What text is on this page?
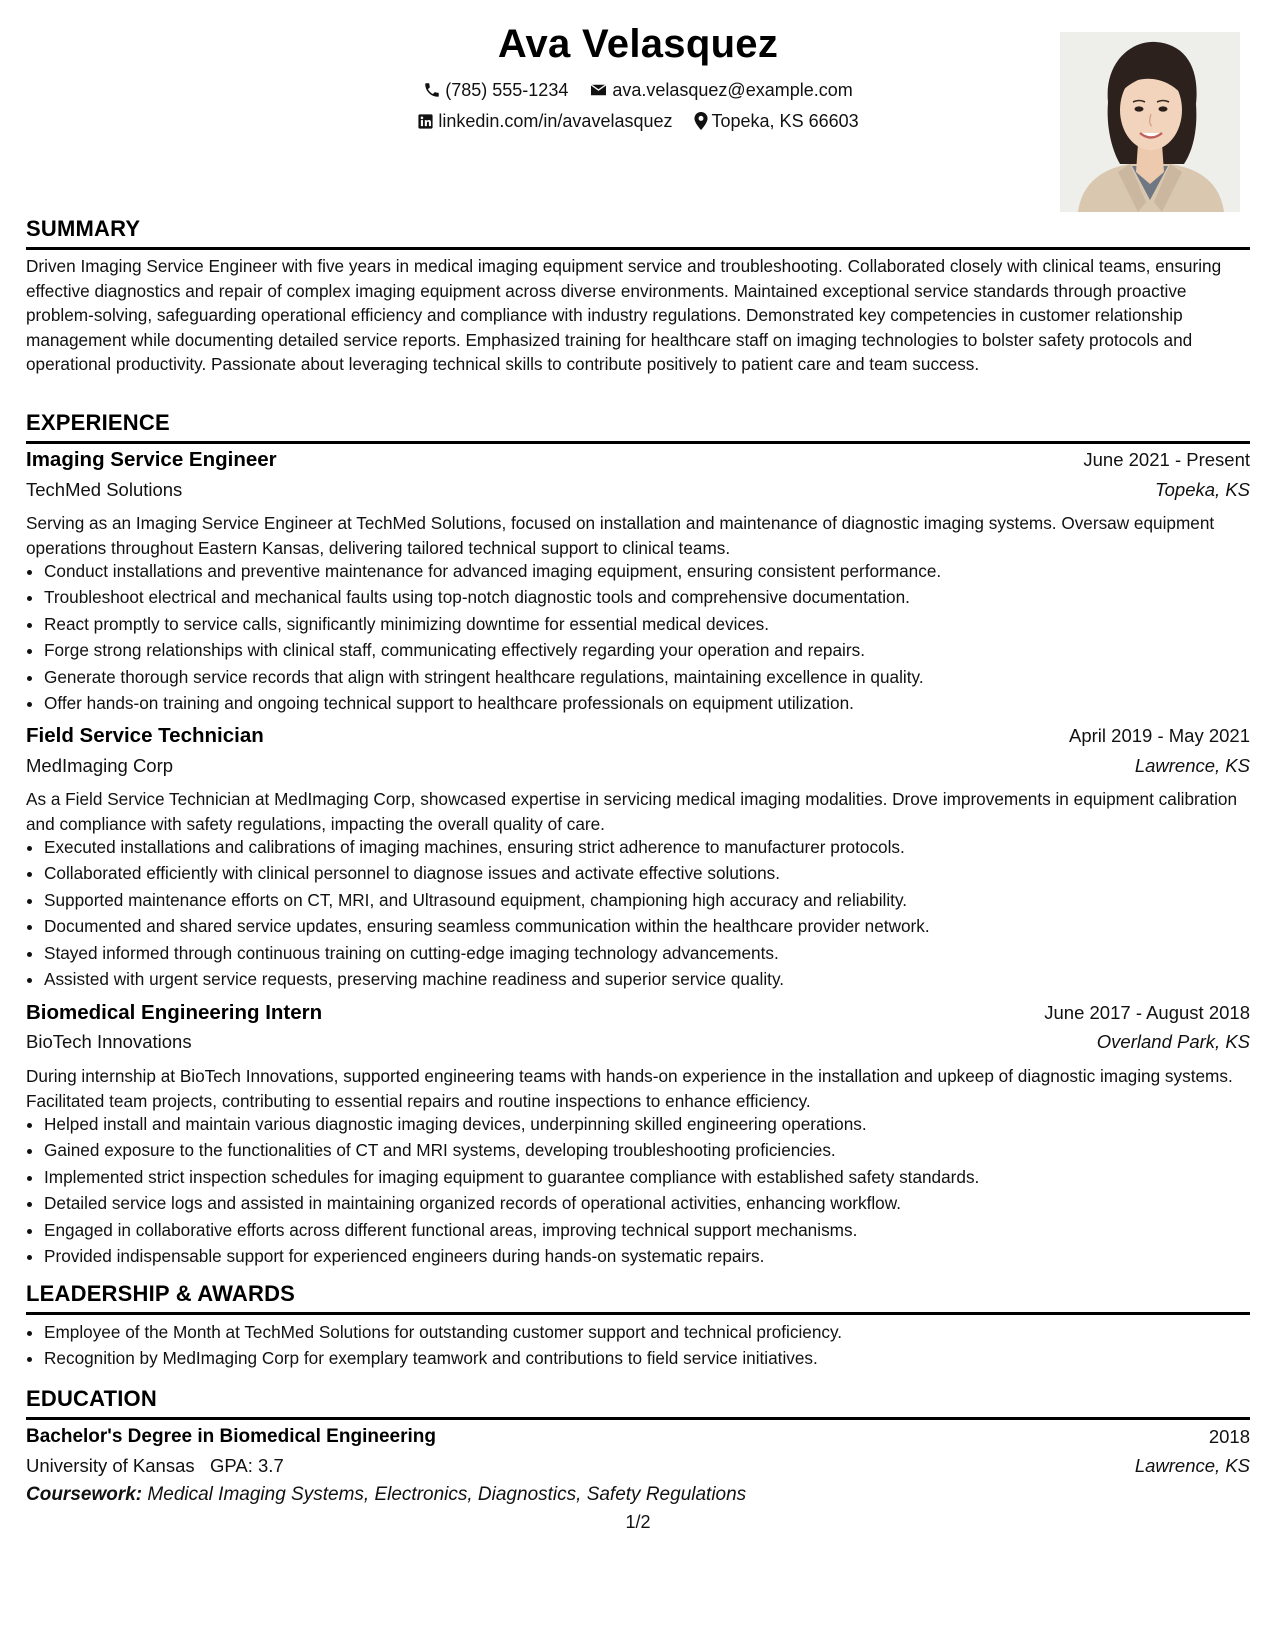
Ava Velasquez
(785) 555-1234 ava.velasquez@example.com
linkedin.com/in/avavelasquez Topeka, KS 66603
SUMMARY

Driven Imaging Service Engineer with five years in medical imaging equipment service and troubleshooting. Collaborated closely with clinical teams, ensuring effective diagnostics and repair of complex imaging equipment across diverse environments. Maintained exceptional service standards through proactive problem-solving, safeguarding operational efficiency and compliance with industry regulations. Demonstrated key competencies in customer relationship management while documenting detailed service reports. Emphasized training for healthcare staff on imaging technologies to bolster safety protocols and operational productivity. Passionate about leveraging technical skills to contribute positively to patient care and team success.

EXPERIENCE
Imaging Service Engineer	June 2021 - Present
TechMed Solutions	Topeka, KS

Serving as an Imaging Service Engineer at TechMed Solutions, focused on installation and maintenance of diagnostic imaging systems. Oversaw equipment operations throughout Eastern Kansas, delivering tailored technical support to clinical teams.

• Conduct installations and preventive maintenance for advanced imaging equipment, ensuring consistent performance.
• Troubleshoot electrical and mechanical faults using top-notch diagnostic tools and comprehensive documentation.
• React promptly to service calls, significantly minimizing downtime for essential medical devices.
• Forge strong relationships with clinical staff, communicating effectively regarding your operation and repairs.
• Generate thorough service records that align with stringent healthcare regulations, maintaining excellence in quality.
• Offer hands-on training and ongoing technical support to healthcare professionals on equipment utilization.
Field Service Technician	April 2019 - May 2021
MedImaging Corp	Lawrence, KS

As a Field Service Technician at MedImaging Corp, showcased expertise in servicing medical imaging modalities. Drove improvements in equipment calibration and compliance with safety regulations, impacting the overall quality of care.

• Executed installations and calibrations of imaging machines, ensuring strict adherence to manufacturer protocols.
• Collaborated efficiently with clinical personnel to diagnose issues and activate effective solutions.
• Supported maintenance efforts on CT, MRI, and Ultrasound equipment, championing high accuracy and reliability.
• Documented and shared service updates, ensuring seamless communication within the healthcare provider network.
• Stayed informed through continuous training on cutting-edge imaging technology advancements.
• Assisted with urgent service requests, preserving machine readiness and superior service quality.
Biomedical Engineering Intern	June 2017 - August 2018
BioTech Innovations	Overland Park, KS

During internship at BioTech Innovations, supported engineering teams with hands-on experience in the installation and upkeep of diagnostic imaging systems. Facilitated team projects, contributing to essential repairs and routine inspections to enhance efficiency.

• Helped install and maintain various diagnostic imaging devices, underpinning skilled engineering operations.
• Gained exposure to the functionalities of CT and MRI systems, developing troubleshooting proficiencies.
• Implemented strict inspection schedules for imaging equipment to guarantee compliance with established safety standards.
• Detailed service logs and assisted in maintaining organized records of operational activities, enhancing workflow.
• Engaged in collaborative efforts across different functional areas, improving technical support mechanisms.
• Provided indispensable support for experienced engineers during hands-on systematic repairs.
LEADERSHIP & AWARDS
• Employee of the Month at TechMed Solutions for outstanding customer support and technical proficiency.
• Recognition by MedImaging Corp for exemplary teamwork and contributions to field service initiatives.
EDUCATION
Bachelor's Degree in Biomedical Engineering	2018
University of Kansas GPA: 3.7	Lawrence, KS
Coursework: Medical Imaging Systems, Electronics, Diagnostics, Safety Regulations
1/2
